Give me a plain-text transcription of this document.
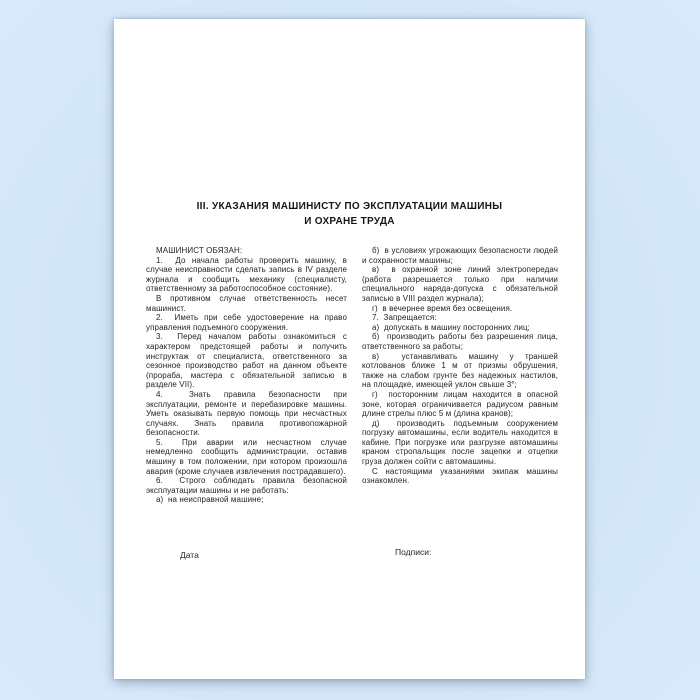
III. УКАЗАНИЯ МАШИНИСТУ ПО ЭКСПЛУАТАЦИИ МАШИНЫ
И ОХРАНЕ ТРУДА

МАШИНИСТ ОБЯЗАН:

1.  До начала работы проверить машину, в случае неисправности сделать запись в IV разделе журнала и сообщить механику (специалисту, ответственному за работоспособное состояние).

В противном случае ответственность несет машинист.

2.  Иметь при себе удостоверение на право управления подъемного сооружения.

3.  Перед началом работы ознакомиться с характером предстоящей работы и получить инструктаж от специалиста, ответственного за сезонное производство работ на данном объекте (прораба, мастера с обязательной записью в разделе VII).

4.  Знать правила безопасности при эксплуатации, ремонте и перебазировке машины. Уметь оказывать первую помощь при несчастных случаях. Знать правила противопожарной безопасности.

5.  При аварии или несчастном случае немедленно сообщить администрации, оставив машину в том положении, при котором произошла авария (кроме случаев извлечения пострадавшего).

6.  Строго соблюдать правила безопасной эксплуатации машины и не работать:

а)  на неисправной машине;

б)  в условиях угрожающих безопасности людей и сохранности машины;

в)  в охранной зоне линий электропередач (работа разрешается только при наличии специального наряда-допуска с обязательной записью в VIII раздел журнала);

г)  в вечернее время без освещения.

7.  Запрещается:

а)  допускать в машину посторонних лиц;

б)  производить работы без разрешения лица, ответственного за работы;

в)  устанавливать машину у траншей котлованов ближе 1 м от призмы обрушения, также на слабом грунте без надежных настилов, на площадке, имеющей уклон свыше 3°;

г)  посторонним лицам находится в опасной зоне, которая ограничивается радиусом равным длине стрелы плюс 5 м (длина кранов);

д)  производить подъемным сооружением погрузку автомашины, если водитель находится в кабине. При погрузке или разгрузке автомашины краном стропальщик после зацепки и отцепки груза должен сойти с автомашины.

С настоящими указаниями экипаж машины ознакомлен.

Дата	Подписи:
